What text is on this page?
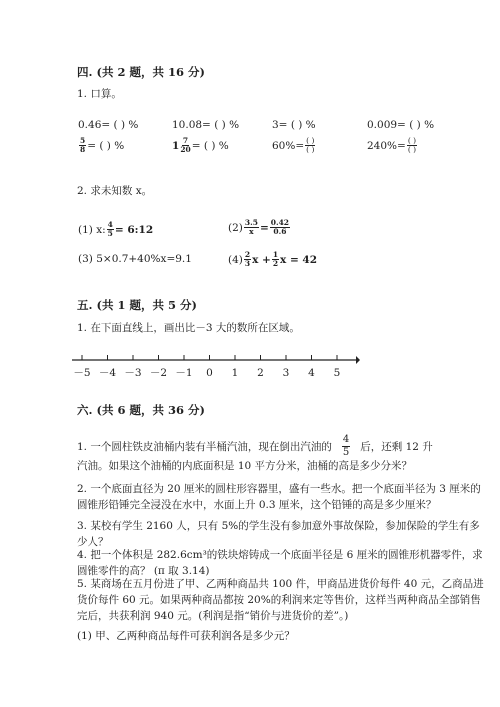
四. (共 2 题，共 16 分)
1. 口算。
0.46= ( ) %	10.08= ( ) %	3= ( ) %	0.009= ( ) %
$\frac{5}{8}$ = ( ) %	$1 \frac{7}{20}$ = ( ) %	$60\%= \frac{( )}{( )}$	$240\%= \frac{( )}{( )}$
2. 求未知数 x。
(1) x: $\frac{4}{5}$ = 6:12	$(2) \frac{3.5}{x} = \frac{0.42}{0.6}$
(3) 5×0.7+40%x=9.1	$(4) \frac{2}{3}$ $x + \frac{1}{2}$ x = 42
五. (共 1 题，共 5 分)
1. 在下面直线上，画出比－3 大的数所在区域。
－5 －4 －3 －2 －1 0 1 2 3 4 5
六. (共 6 题，共 36 分)
1. 一个圆柱铁皮油桶内装有半桶汽油，现在倒出汽油的 $\frac{4}{5}$ 后，还剩 12 升
汽油。如果这个油桶的内底面积是 10 平方分米，油桶的高是多少分米？
2. 一个底面直径为 20 厘米的圆柱形容器里，盛有一些水。把一个底面半径为 3 厘米的圆锥形铅锤完全浸没在水中，水面上升 0.3 厘米，这个铅锤的高是多少厘米？
3. 某校有学生 2160 人，只有 5%的学生没有参加意外事故保险，参加保险的学生有多少人？
4. 把一个体积是 282.6cm³的铁块熔铸成一个底面半径是 6 厘米的圆锥形机器零件，求圆锥零件的高？ (π 取 3.14)
5. 某商场在五月份进了甲、乙两种商品共 100 件，甲商品进货价每件 40 元，乙商品进货价每件 60 元。如果两种商品都按 20%的利润来定等售价，这样当两种商品全部销售完后，共获利润 940 元。(利润是指“销价与进货价的差”。)
(1) 甲、乙两种商品每件可获利润各是多少元？
